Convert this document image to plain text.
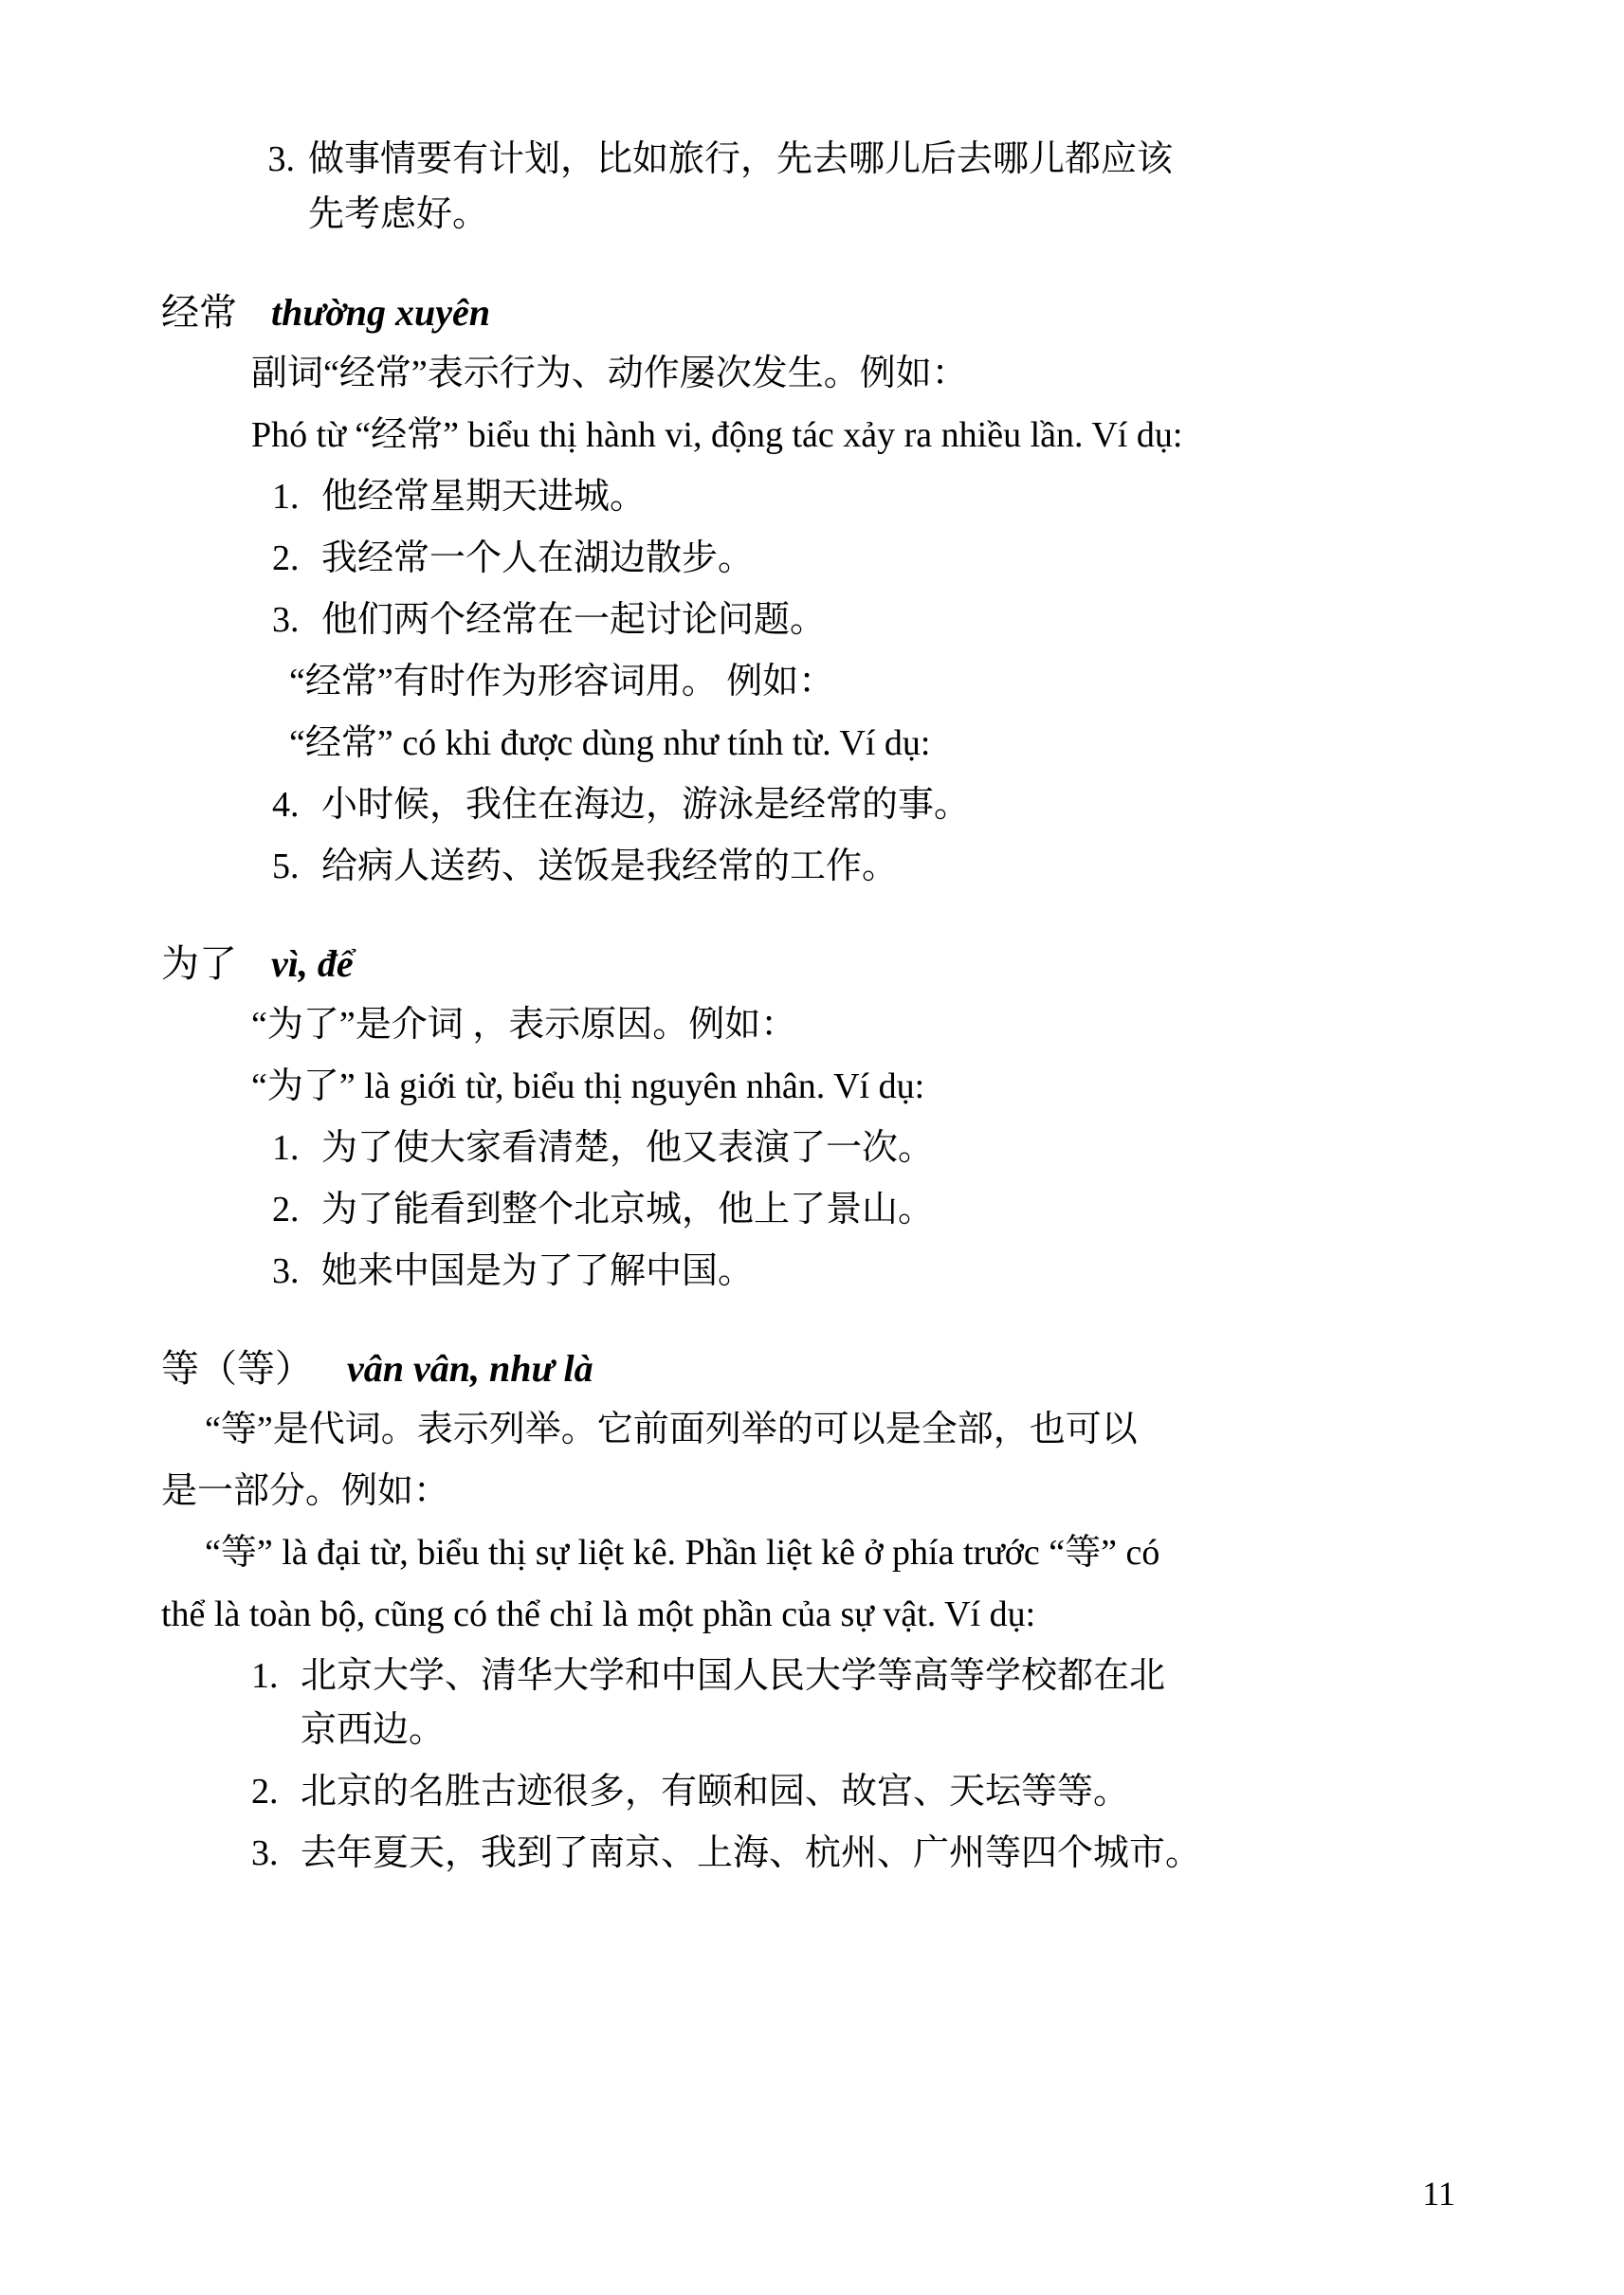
3. 做事情要有计划，比如旅行，先去哪儿后去哪儿都应该
先考虑好。
经常 thường xuyên
副词“经常”表示行为、动作屡次发生。例如：
Phó từ “经常” biểu thị hành vi, động tác xảy ra nhiều lần. Ví dụ:
1. 他经常星期天进城。
2. 我经常一个人在湖边散步。
3. 他们两个经常在一起讨论问题。
“经常”有时作为形容词用。 例如：
“经常” có khi được dùng như tính từ. Ví dụ:
4. 小时候，我住在海边，游泳是经常的事。
5. 给病人送药、送饭是我经常的工作。
为了 vì, để
“为了”是介词 ，表示原因。例如：
“为了” là giới từ, biểu thị nguyên nhân. Ví dụ:
1. 为了使大家看清楚，他又表演了一次。
2. 为了能看到整个北京城，他上了景山。
3. 她来中国是为了了解中国。
等（等） vân vân, như là
“等”是代词。表示列举。它前面列举的可以是全部，也可以
是一部分。例如：
“等” là đại từ, biểu thị sự liệt kê. Phần liệt kê ở phía trước “等” có
thể là toàn bộ, cũng có thể chỉ là một phần của sự vật. Ví dụ:
1. 北京大学、清华大学和中国人民大学等高等学校都在北
京西边。
2. 北京的名胜古迹很多，有颐和园、故宫、天坛等等。
3. 去年夏天，我到了南京、上海、杭州、广州等四个城市。
11
